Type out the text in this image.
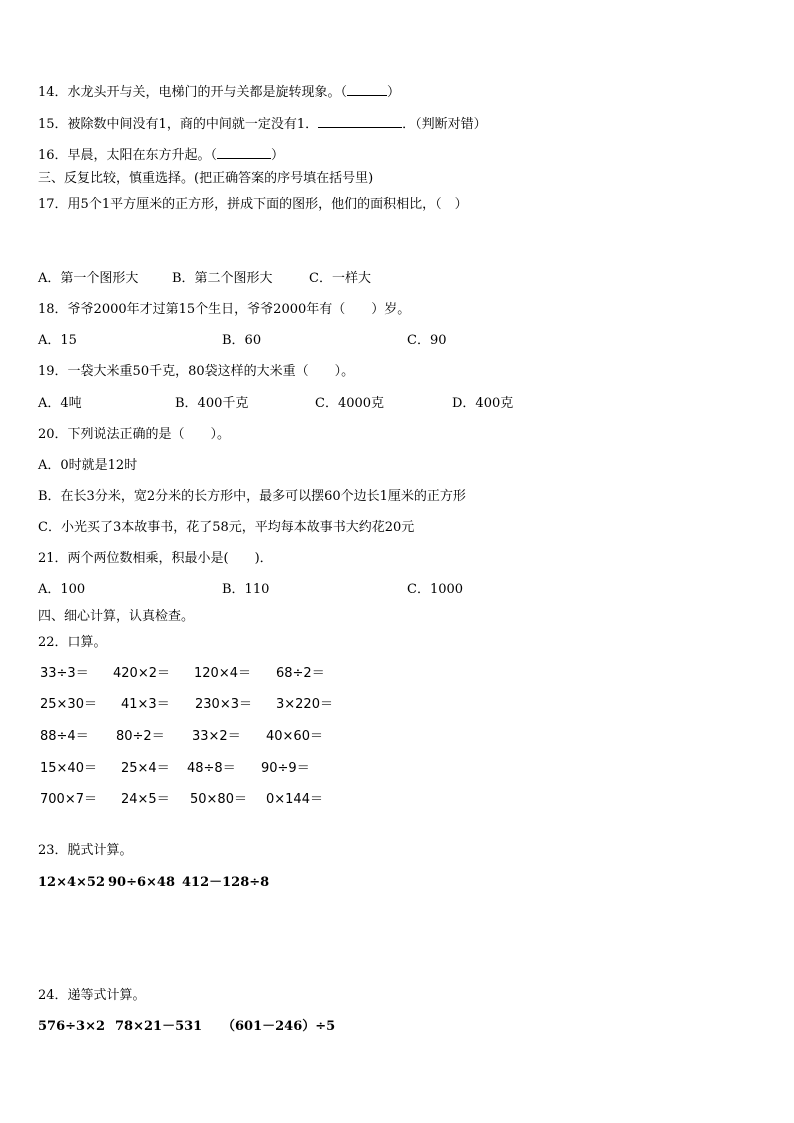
14．水龙头开与关，电梯门的开与关都是旋转现象。（	）
15．被除数中间没有1，商的中间就一定没有1．	．（判断对错）
16．早晨，太阳在东方升起。（	）
三、反复比较，慎重选择。(把正确答案的序号填在括号里)
17．用5个1平方厘米的正方形，拼成下面的图形，他们的面积相比，（　）
A．第一个图形大	B．第二个图形大	C．一样大
18．爷爷2000年才过第15个生日，爷爷2000年有（　　）岁。
A．15	B．60	C．90
19．一袋大米重50千克，80袋这样的大米重（　　）。
A．4吨	B．400千克	C．4000克	D．400克
20．下列说法正确的是（　　）。
A．0时就是12时
B．在长3分米，宽2分米的长方形中，最多可以摆60个边长1厘米的正方形
C．小光买了3本故事书，花了58元，平均每本故事书大约花20元
21．两个两位数相乘，积最小是(　　)．
A．100	B．110	C．1000
四、细心计算，认真检查。
22．口算。
33÷3＝ 420×2＝ 120×4＝ 68÷2＝
25×30＝ 41×3＝ 230×3＝ 3×220＝
88÷4＝ 80÷2＝ 33×2＝ 40×60＝
15×40＝ 25×4＝ 48÷8＝ 90÷9＝
700×7＝ 24×5＝ 50×80＝ 0×144＝
23．脱式计算。
12×4×52 90÷6×48 412－128÷8
24．递等式计算。
576÷3×2 78×21－531 （601－246）÷5
